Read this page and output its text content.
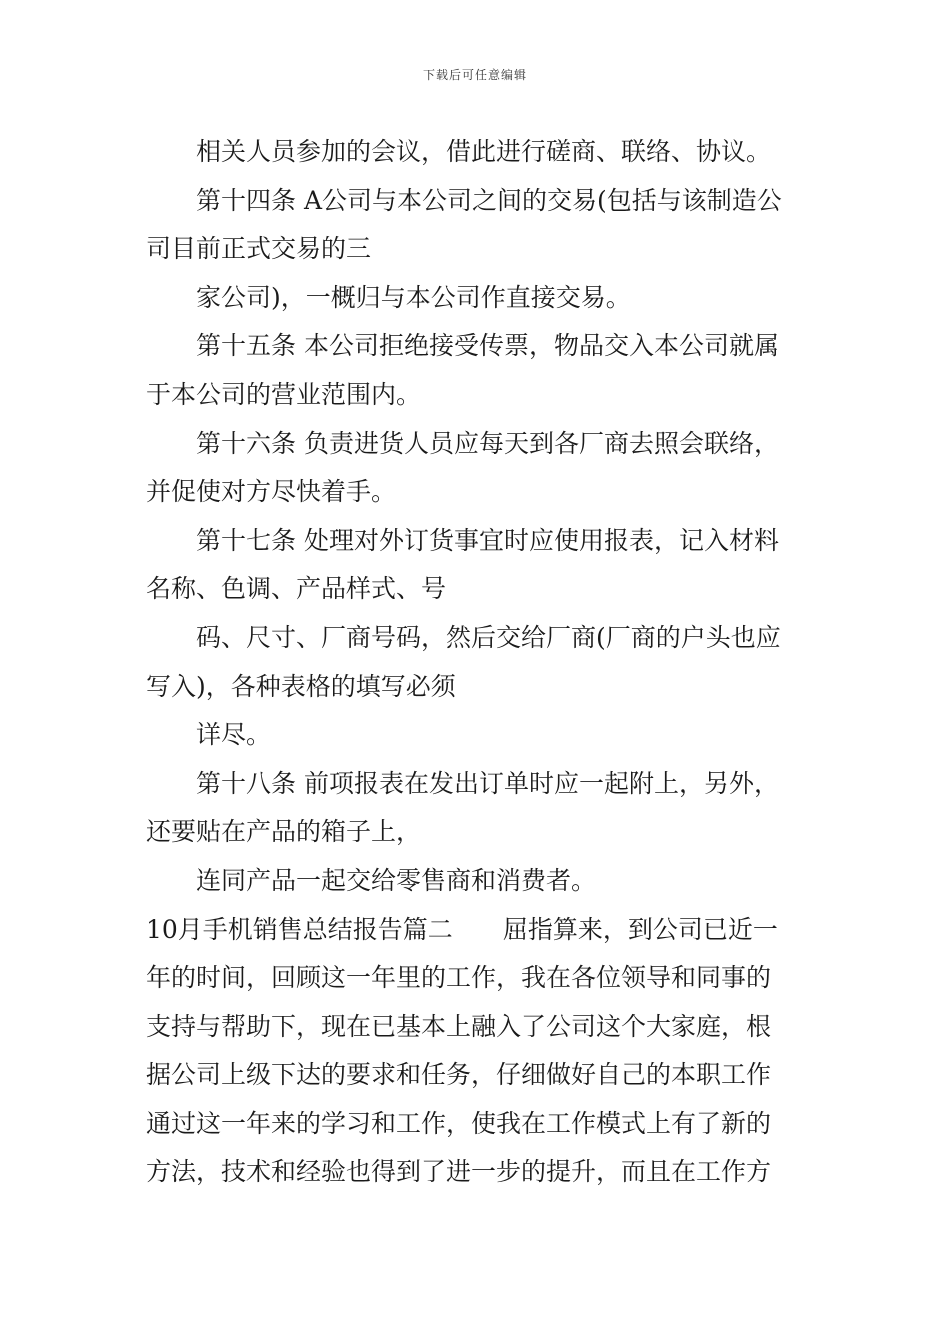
下载后可任意编辑
相关人员参加的会议，借此进行磋商、联络、协议。
第十四条 A公司与本公司之间的交易(包括与该制造公
司目前正式交易的三
家公司)，一概归与本公司作直接交易。
第十五条 本公司拒绝接受传票，物品交入本公司就属
于本公司的营业范围内。
第十六条 负责进货人员应每天到各厂商去照会联络，
并促使对方尽快着手。
第十七条 处理对外订货事宜时应使用报表，记入材料
名称、色调、产品样式、号
码、尺寸、厂商号码，然后交给厂商(厂商的户头也应
写入)，各种表格的填写必须
详尽。
第十八条 前项报表在发出订单时应一起附上，另外，
还要贴在产品的箱子上，
连同产品一起交给零售商和消费者。
10月手机销售总结报告篇二　　屈指算来，到公司已近一
年的时间，回顾这一年里的工作，我在各位领导和同事的
支持与帮助下，现在已基本上融入了公司这个大家庭，根
据公司上级下达的要求和任务，仔细做好自己的本职工作
通过这一年来的学习和工作，使我在工作模式上有了新的
方法，技术和经验也得到了进一步的提升，而且在工作方
